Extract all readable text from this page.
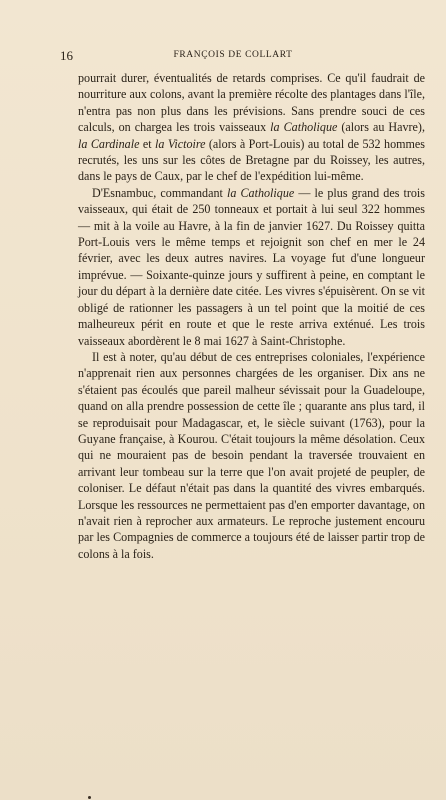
16	FRANÇOIS DE COLLART

pourrait durer, éventualités de retards comprises. Ce qu'il faudrait de nourriture aux colons, avant la première récolte des plantages dans l'île, n'entra pas non plus dans les prévisions. Sans prendre souci de ces calculs, on chargea les trois vaisseaux la Catholique (alors au Havre), la Cardinale et la Victoire (alors à Port-Louis) au total de 532 hommes recrutés, les uns sur les côtes de Bretagne par du Roissey, les autres, dans le pays de Caux, par le chef de l'expédition lui-même.

D'Esnambuc, commandant la Catholique — le plus grand des trois vaisseaux, qui était de 250 tonneaux et portait à lui seul 322 hommes — mit à la voile au Havre, à la fin de janvier 1627. Du Roissey quitta Port-Louis vers le même temps et rejoignit son chef en mer le 24 février, avec les deux autres navires. La voyage fut d'une longueur imprévue. — Soixante-quinze jours y suffirent à peine, en comptant le jour du départ à la dernière date citée. Les vivres s'épuisèrent. On se vit obligé de rationner les passagers à un tel point que la moitié de ces malheureux périt en route et que le reste arriva exténué. Les trois vaisseaux abordèrent le 8 mai 1627 à Saint-Christophe.

Il est à noter, qu'au début de ces entreprises coloniales, l'expérience n'apprenait rien aux personnes chargées de les organiser. Dix ans ne s'étaient pas écoulés que pareil malheur sévissait pour la Guadeloupe, quand on alla prendre possession de cette île ; quarante ans plus tard, il se reproduisait pour Madagascar, et, le siècle suivant (1763), pour la Guyane française, à Kourou. C'était toujours la même désolation. Ceux qui ne mouraient pas de besoin pendant la traversée trouvaient en arrivant leur tombeau sur la terre que l'on avait projeté de peupler, de coloniser. Le défaut n'était pas dans la quantité des vivres embarqués. Lorsque les ressources ne permettaient pas d'en emporter davantage, on n'avait rien à reprocher aux armateurs. Le reproche justement encouru par les Compagnies de commerce a toujours été de laisser partir trop de colons à la fois.
